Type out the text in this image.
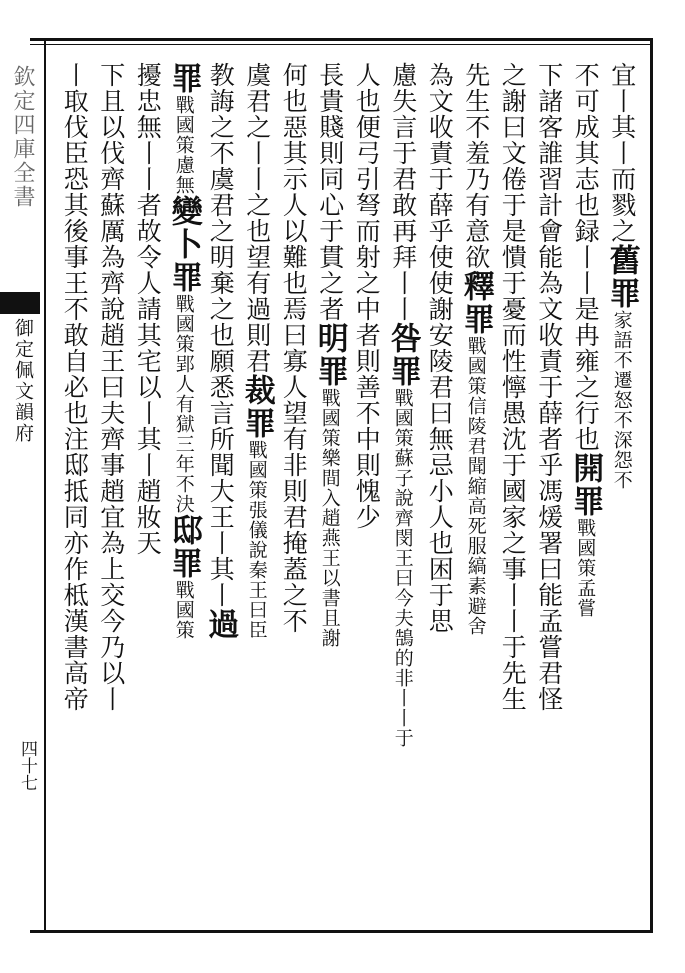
欽定四庫全書
御定佩文韻府
四十七
宜丨其丨而戮之舊罪家語不遷怒不深怨不
不可成其志也録丨丨是冉雍之行也開罪戰國策孟嘗
下諸客誰習計會能為文收責于薛者乎馮煖署曰能孟嘗君怪
之謝曰文倦于是憒于憂而性懧愚沈于國家之事丨丨于先生
先生不羞乃有意欲釋罪戰國策信陵君聞縮高死服縞素避舍
為文收責于薛乎使使謝安陵君曰無忌小人也困于思
慮失言于君敢再拜丨丨咎罪戰國策蘇子說齊閔王曰今夫鵠的非丨丨于
人也便弓引弩而射之中者則善不中則愧少
長貴賤則同心于貫之者明罪戰國策樂間入趙燕王以書且謝
何也惡其示人以難也焉曰寡人望有非則君掩蓋之不
虞君之丨丨之也望有過則君裁罪戰國策張儀說秦王曰臣
教誨之不虞君之明棄之也願悉言所聞大王丨其丨過
罪戰國策慮無變卜罪戰國策郢人有獄三年不決邸罪戰國策
擾忠無丨丨者故令人請其宅以丨其丨趙妝天
下且以伐齊蘇厲為齊說趙王曰夫齊事趙宜為上交今乃以丨
丨取伐臣恐其後事王不敢自必也注邸抵同亦作柢漢書高帝
